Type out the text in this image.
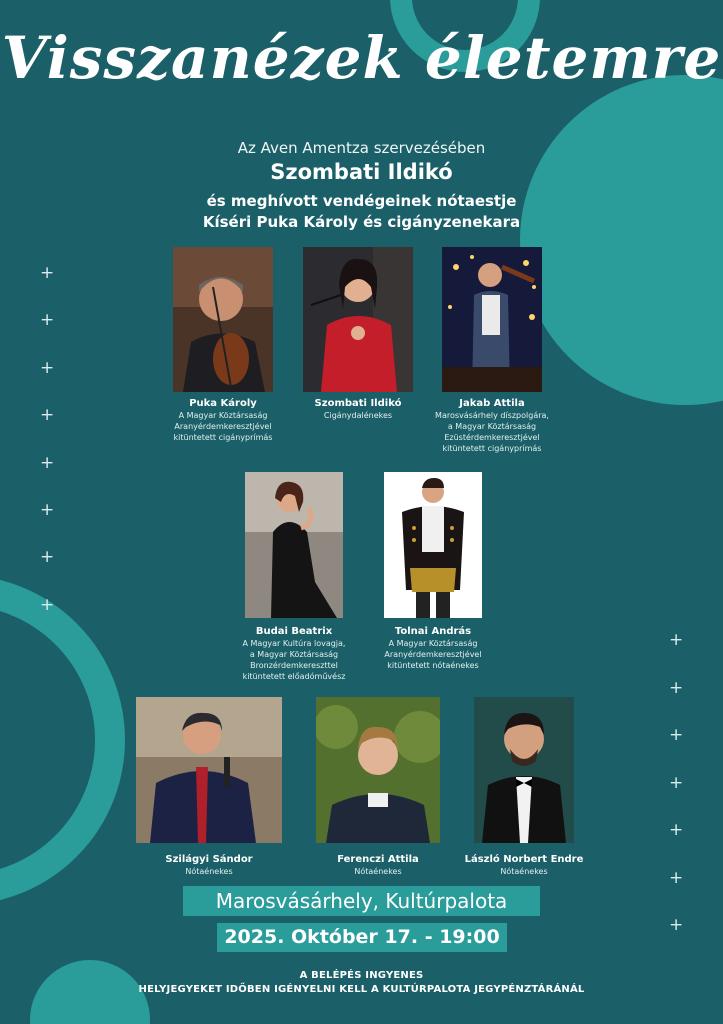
+
+
+
+
+
+
+
+
+
+
+
+
+
+
+
Visszanézek életemre
Az Aven Amentza szervezésében
Szombati Ildikó
és meghívott vendégeinek nótaestje
Kíséri Puka Károly és cigányzenekara
Puka Károly
A Magyar Köztársaság
Aranyérdemkeresztjével
kitüntetett cigányprímás
Szombati Ildikó
Cigánydalénekes
Jakab Attila
Marosvásárhely díszpolgára,
a Magyar Köztársaság
Ezüstérdemkeresztjével
kitüntetett cigányprímás
Budai Beatrix
A Magyar Kultúra lovagja,
a Magyar Köztársaság
Bronzérdemkereszttel
kitüntetett előadóművész
Tolnai András
A Magyar Köztársaság
Aranyérdemkeresztjével
kitüntetett nótaénekes
Szilágyi Sándor
Nótaénekes
Ferenczi Attila
Nótaénekes
László Norbert Endre
Nótaénekes
Marosvásárhely, Kultúrpalota
2025. Október 17. - 19:00
A BELÉPÉS INGYENES
HELYJEGYEKET IDŐBEN IGÉNYELNI KELL A KULTÚRPALOTA JEGYPÉNZTÁRÁNÁL
